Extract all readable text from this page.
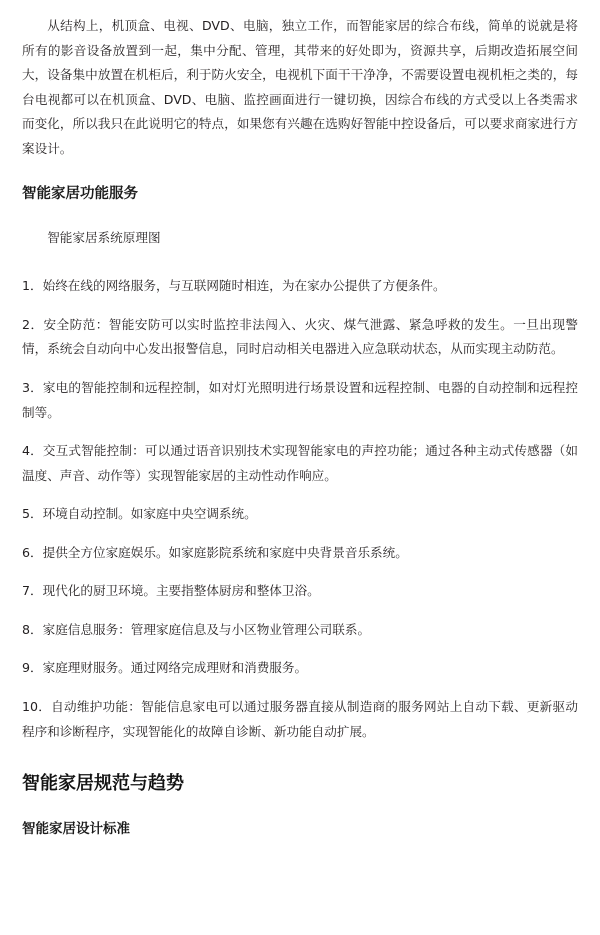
从结构上，机顶盒、电视、DVD、电脑，独立工作，而智能家居的综合布线，简单的说就是将所有的影音设备放置到一起，集中分配、管理，其带来的好处即为，资源共享，后期改造拓展空间大，设备集中放置在机柜后，利于防火安全，电视机下面干干净净，不需要设置电视机柜之类的，每台电视都可以在机顶盒、DVD、电脑、监控画面进行一键切换，因综合布线的方式受以上各类需求而变化，所以我只在此说明它的特点，如果您有兴趣在选购好智能中控设备后，可以要求商家进行方案设计。

智能家居功能服务

智能家居系统原理图

1．始终在线的网络服务，与互联网随时相连，为在家办公提供了方便条件。
2．安全防范：智能安防可以实时监控非法闯入、火灾、煤气泄露、紧急呼救的发生。一旦出现警情，系统会自动向中心发出报警信息，同时启动相关电器进入应急联动状态，从而实现主动防范。
3．家电的智能控制和远程控制，如对灯光照明进行场景设置和远程控制、电器的自动控制和远程控制等。
4．交互式智能控制：可以通过语音识别技术实现智能家电的声控功能；通过各种主动式传感器（如温度、声音、动作等）实现智能家居的主动性动作响应。
5．环境自动控制。如家庭中央空调系统。
6．提供全方位家庭娱乐。如家庭影院系统和家庭中央背景音乐系统。
7．现代化的厨卫环境。主要指整体厨房和整体卫浴。
8．家庭信息服务：管理家庭信息及与小区物业管理公司联系。
9．家庭理财服务。通过网络完成理财和消费服务。
10．自动维护功能：智能信息家电可以通过服务器直接从制造商的服务网站上自动下载、更新驱动程序和诊断程序，实现智能化的故障自诊断、新功能自动扩展。
智能家居规范与趋势
智能家居设计标准
